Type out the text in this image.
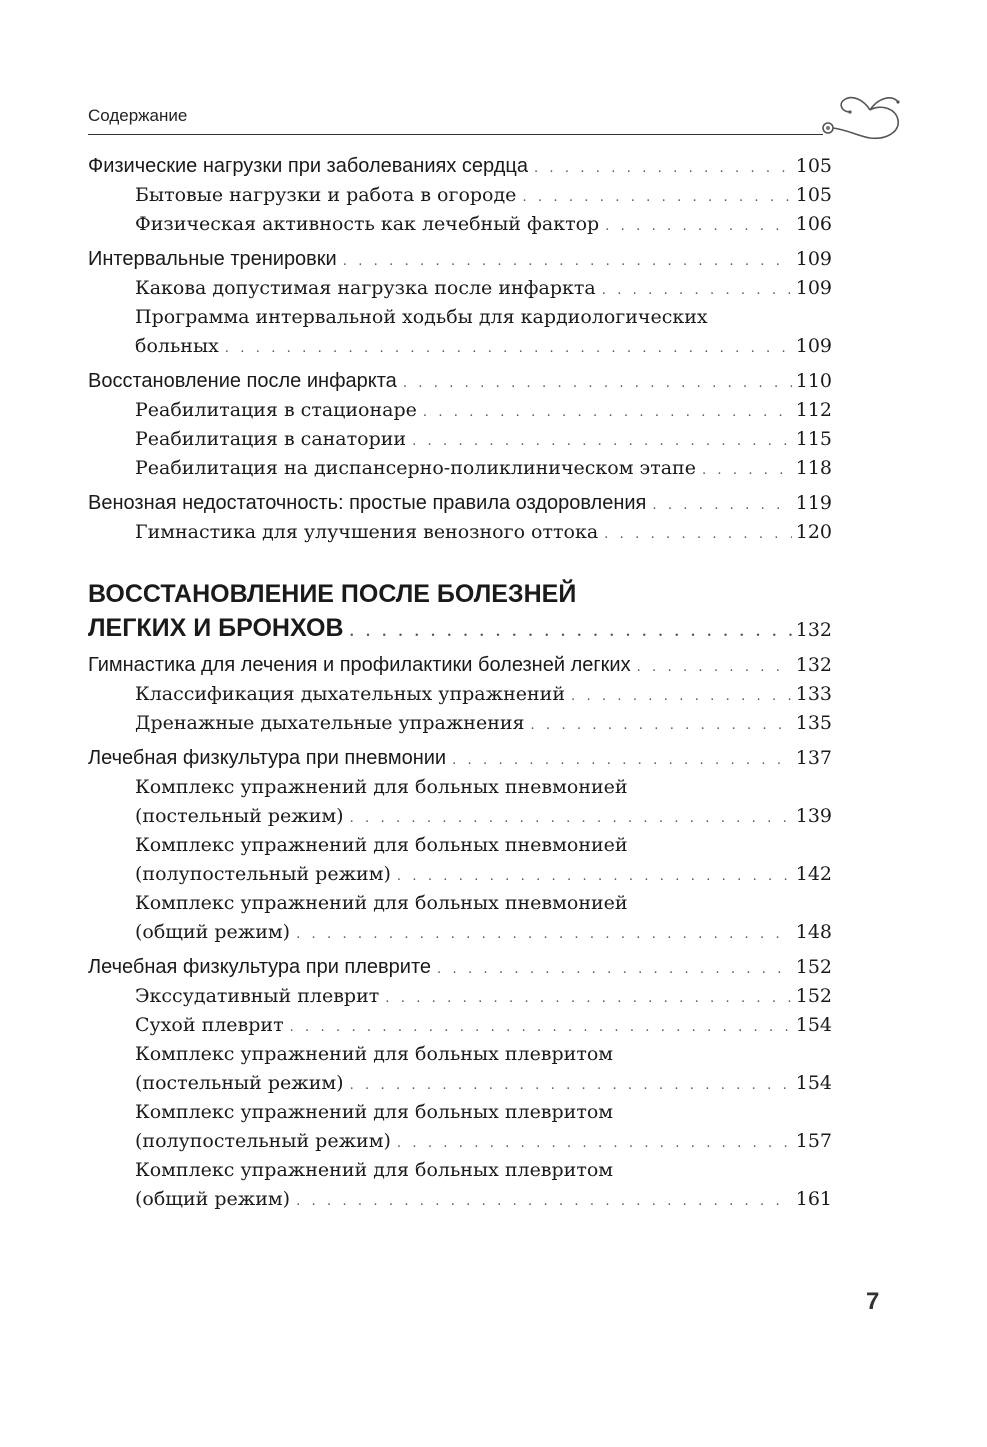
Содержание
Физические нагрузки при заболеваниях сердца . . .	105
Бытовые нагрузки и работа в огороде . . .	105
Физическая активность как лечебный фактор . . .	106
Интервальные тренировки . . .	109
Какова допустимая нагрузка после инфаркта . . .	109
Программа интервальной ходьбы для кардиологических
больных . . .	109
Восстановление после инфаркта . . .	110
Реабилитация в стационаре . . .	112
Реабилитация в санатории . . .	115
Реабилитация на диспансерно-поликлиническом этапе . . .	118
Венозная недостаточность: простые правила оздоровления . . .	119
Гимнастика для улучшения венозного оттока . . .	120
ВОССТАНОВЛЕНИЕ ПОСЛЕ БОЛЕЗНЕЙ
ЛЕГКИХ И БРОНХОВ . . .	132
Гимнастика для лечения и профилактики болезней легких . . .	132
Классификация дыхательных упражнений . . .	133
Дренажные дыхательные упражнения . . .	135
Лечебная физкультура при пневмонии . . .	137
Комплекс упражнений для больных пневмонией
(постельный режим) . . .	139
Комплекс упражнений для больных пневмонией
(полупостельный режим) . . .	142
Комплекс упражнений для больных пневмонией
(общий режим) . . .	148
Лечебная физкультура при плеврите . . .	152
Экссудативный плеврит . . .	152
Сухой плеврит . . .	154
Комплекс упражнений для больных плевритом
(постельный режим) . . .	154
Комплекс упражнений для больных плевритом
(полупостельный режим) . . .	157
Комплекс упражнений для больных плевритом
(общий режим) . . .	161
7
